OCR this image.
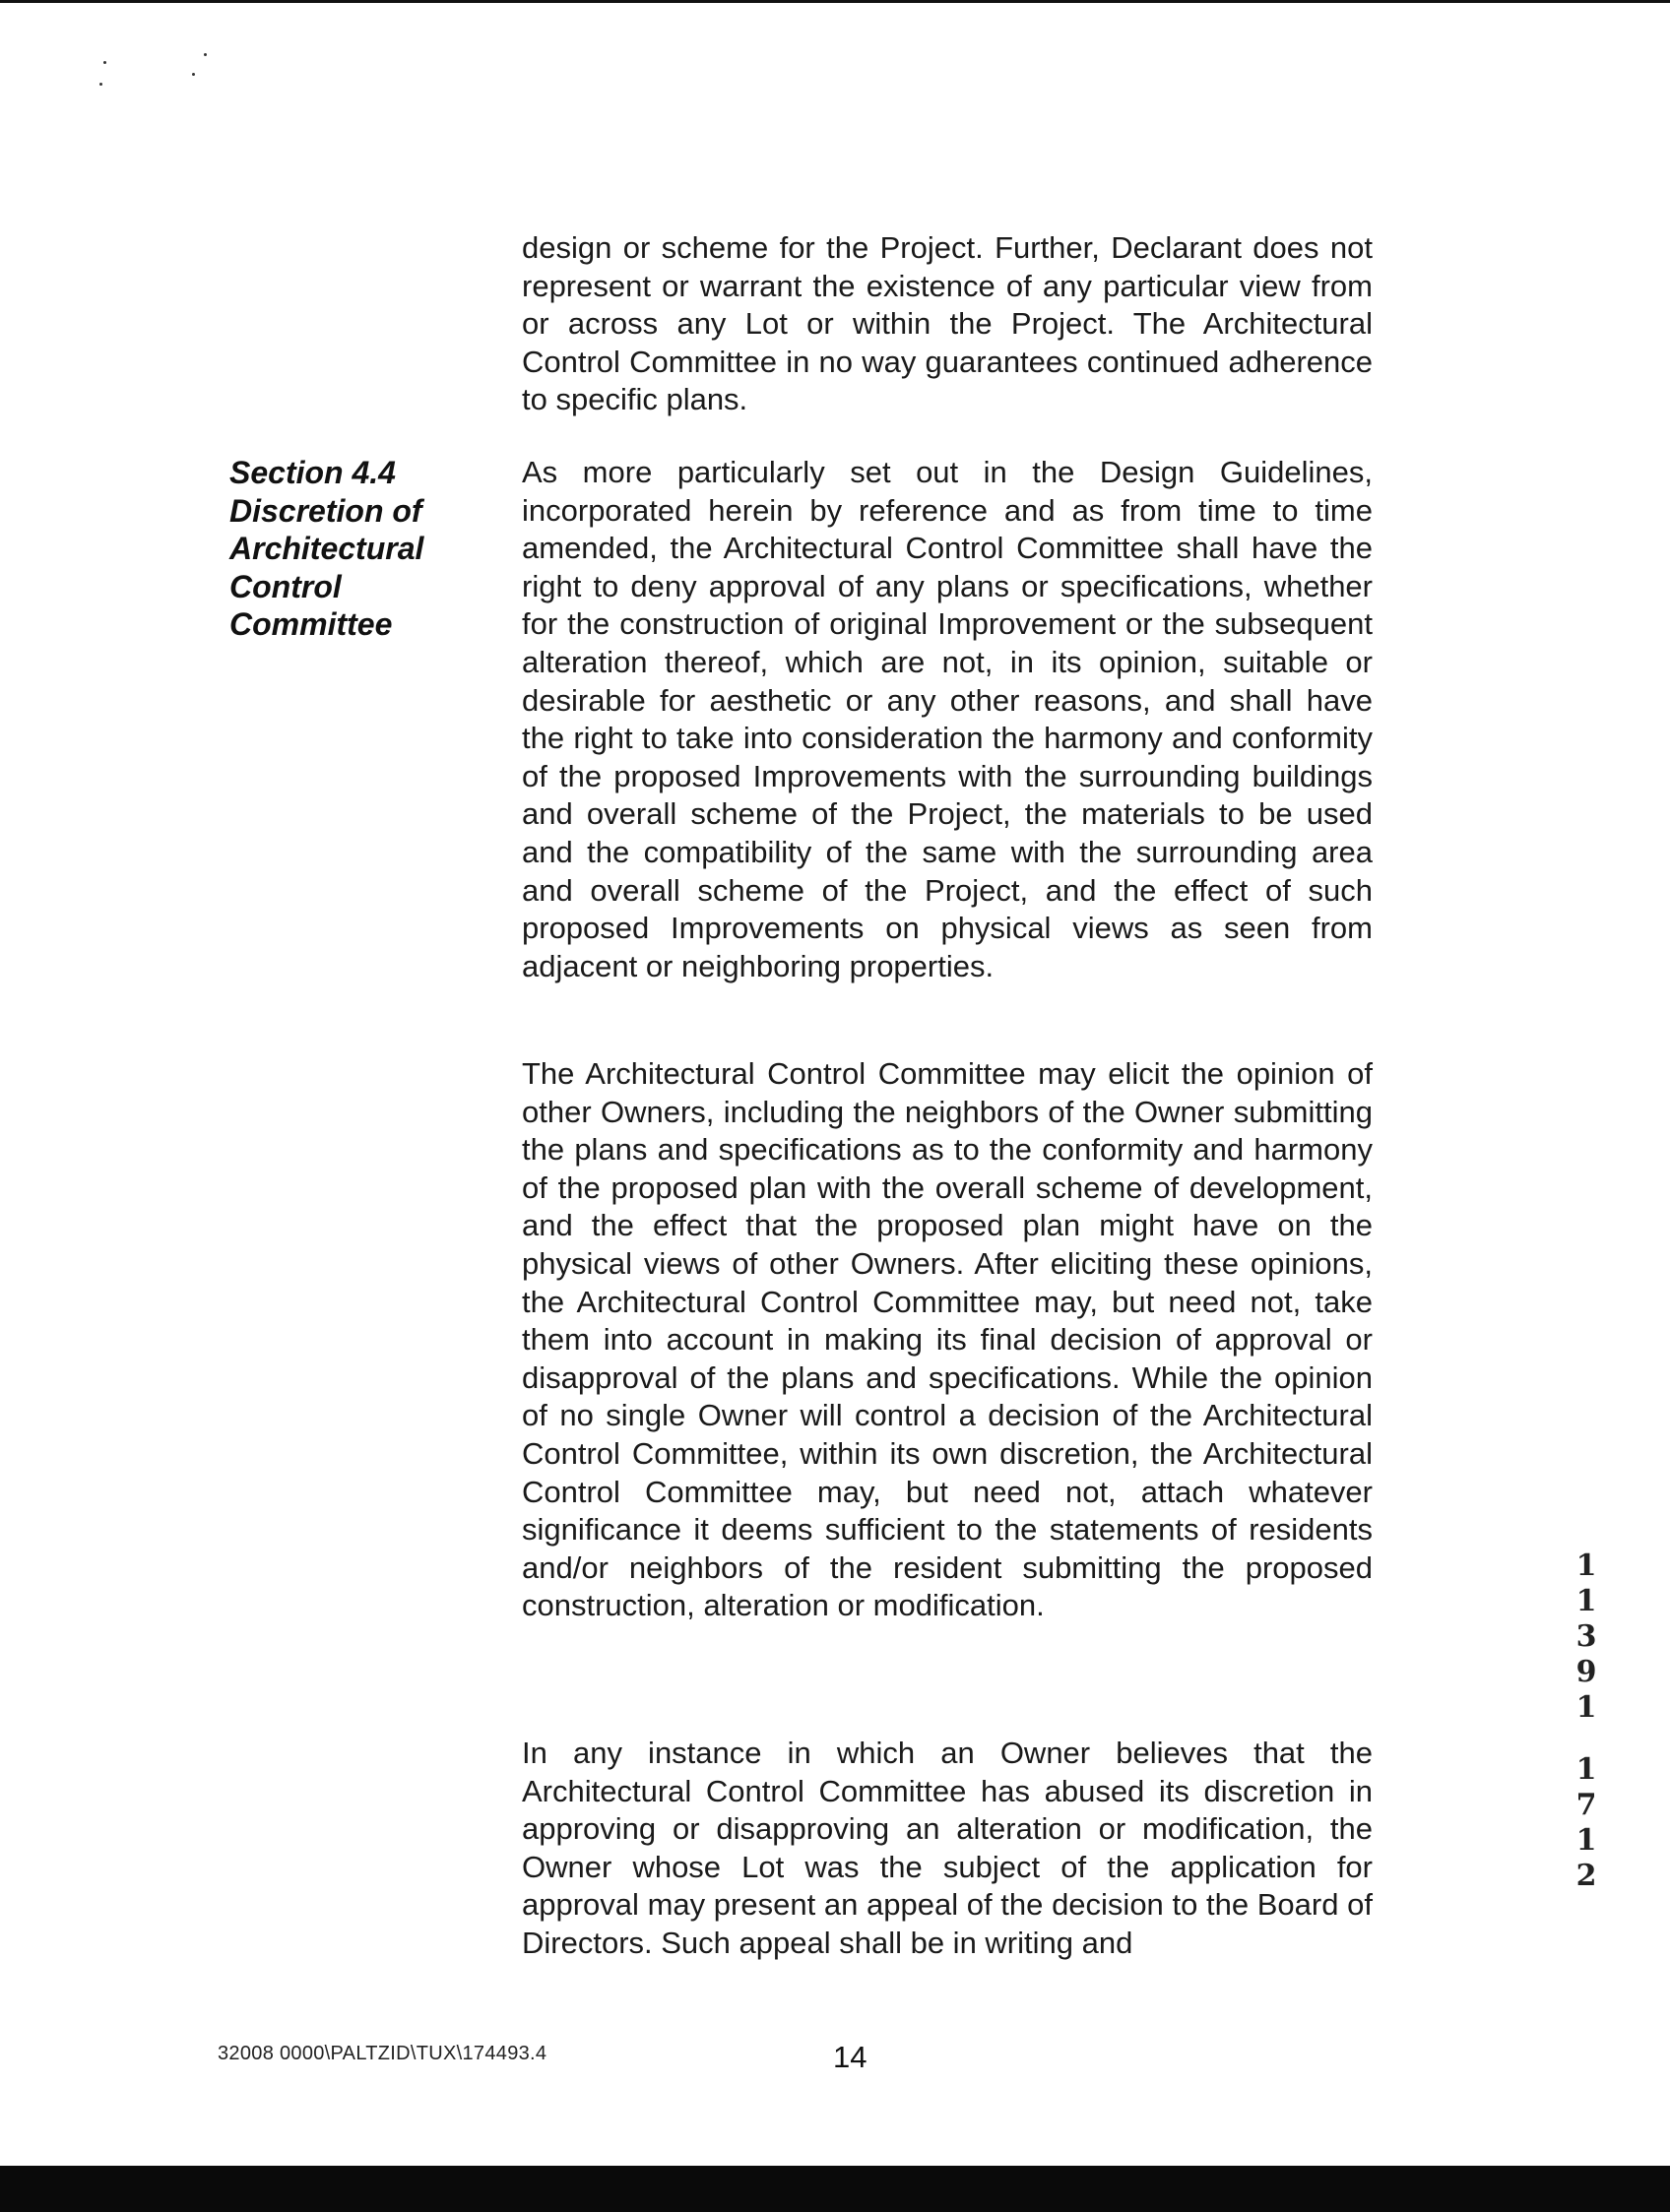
Section 4.4
Discretion of
Architectural
Control
Committee

design or scheme for the Project. Further, Declarant does not represent or warrant the existence of any particular view from or across any Lot or within the Project. The Architectural Control Committee in no way guarantees continued adherence to specific plans.

As more particularly set out in the Design Guidelines, incorporated herein by reference and as from time to time amended, the Architectural Control Committee shall have the right to deny approval of any plans or specifications, whether for the construction of original Improvement or the subsequent alteration thereof, which are not, in its opinion, suitable or desirable for aesthetic or any other reasons, and shall have the right to take into consideration the harmony and conformity of the proposed Improvements with the surrounding buildings and overall scheme of the Project, the materials to be used and the compatibility of the same with the surrounding area and overall scheme of the Project, and the effect of such proposed Improvements on physical views as seen from adjacent or neighboring properties.

The Architectural Control Committee may elicit the opinion of other Owners, including the neighbors of the Owner submitting the plans and specifications as to the conformity and harmony of the proposed plan with the overall scheme of development, and the effect that the proposed plan might have on the physical views of other Owners. After eliciting these opinions, the Architectural Control Committee may, but need not, take them into account in making its final decision of approval or disapproval of the plans and specifications. While the opinion of no single Owner will control a decision of the Architectural Control Committee, within its own discretion, the Architectural Control Committee may, but need not, attach whatever significance it deems sufficient to the statements of residents and/or neighbors of the resident submitting the proposed construction, alteration or modification.

In any instance in which an Owner believes that the Architectural Control Committee has abused its discretion in approving or disapproving an alteration or modification, the Owner whose Lot was the subject of the application for approval may present an appeal of the decision to the Board of Directors. Such appeal shall be in writing and

1
1
3
9
1
1
7
1
2
32008 0000\PALTZID\TUX\174493.4	14
